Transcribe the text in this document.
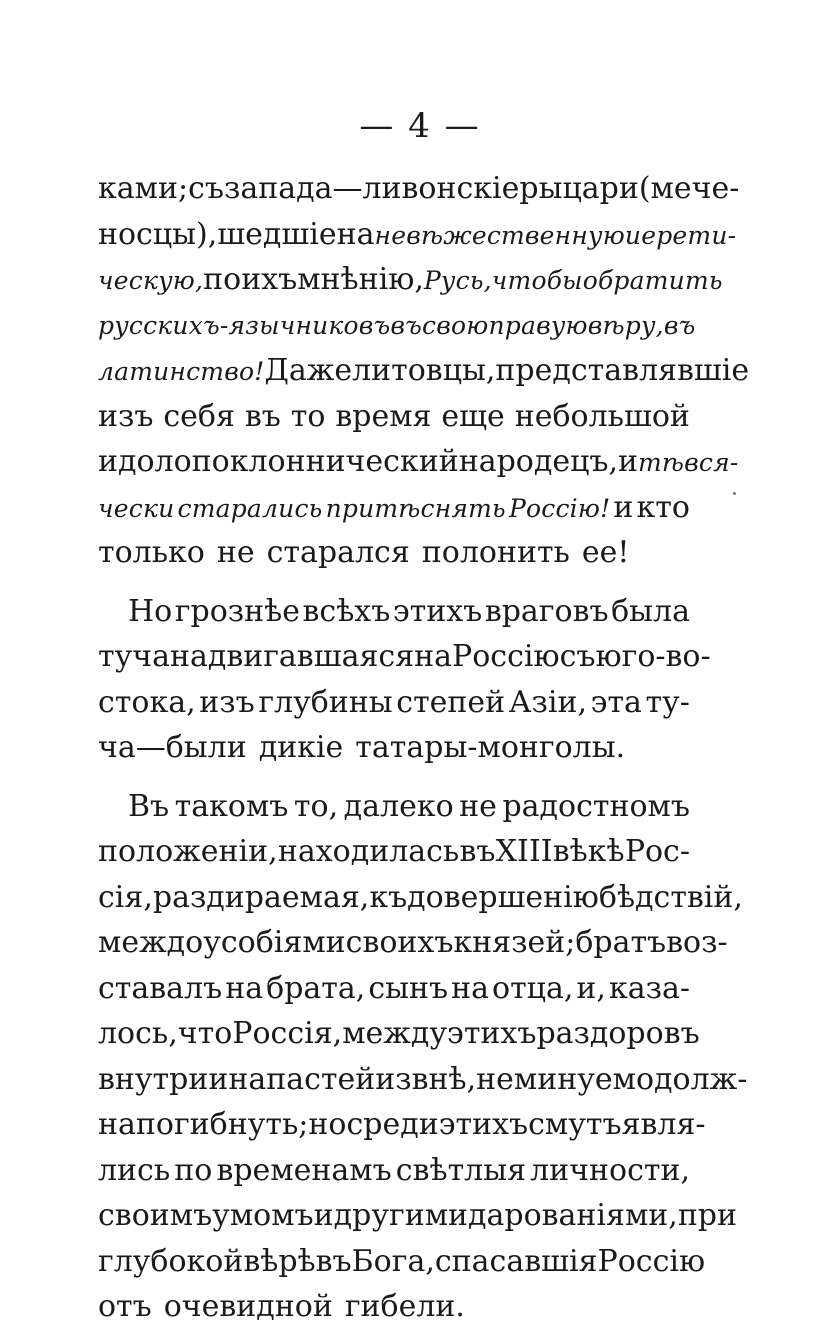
— 4 —
ками; съ запада—ливонскіе рыцари (мече-
носцы), шедшіе на невѣжественную и ерети-
ческую, по ихъ мнѣнію, Русь, чтобы обратить
русскихъ-язычниковъ въ свою правую вѣру, въ
латинство! Даже литовцы, представлявшіе
изъ себя въ то время еще небольшой
идолопоклоннический народецъ, и тѣ вся-
чески старались притѣснять Россію! и кто
только не старался полонить ее!
Но грознѣе всѣхъ этихъ враговъ была
туча надвигавшаяся на Россію съ юго-во-
стока, изъ глубины степей Азіи, эта ту-
ча—были дикіе татары-монголы.
Въ такомъ то, далеко не радостномъ
положеніи, находилась въ XIII вѣкѣ Рос-
сія, раздираемая, къ довершенію бѣдствій,
междоусобіями своихъ князей; братъ воз-
ставалъ на брата, сынъ на отца, и, каза-
лось, что Россія, между этихъ раздоровъ
внутри и напастей извнѣ, неминуемо долж-
на погибнуть; но среди этихъ смутъ явля-
лись по временамъ свѣтлыя личности,
своимъ умомъ и другими дарованіями, при
глубокой вѣрѣ въ Бога, спасавшія Россію
отъ очевидной гибели.
